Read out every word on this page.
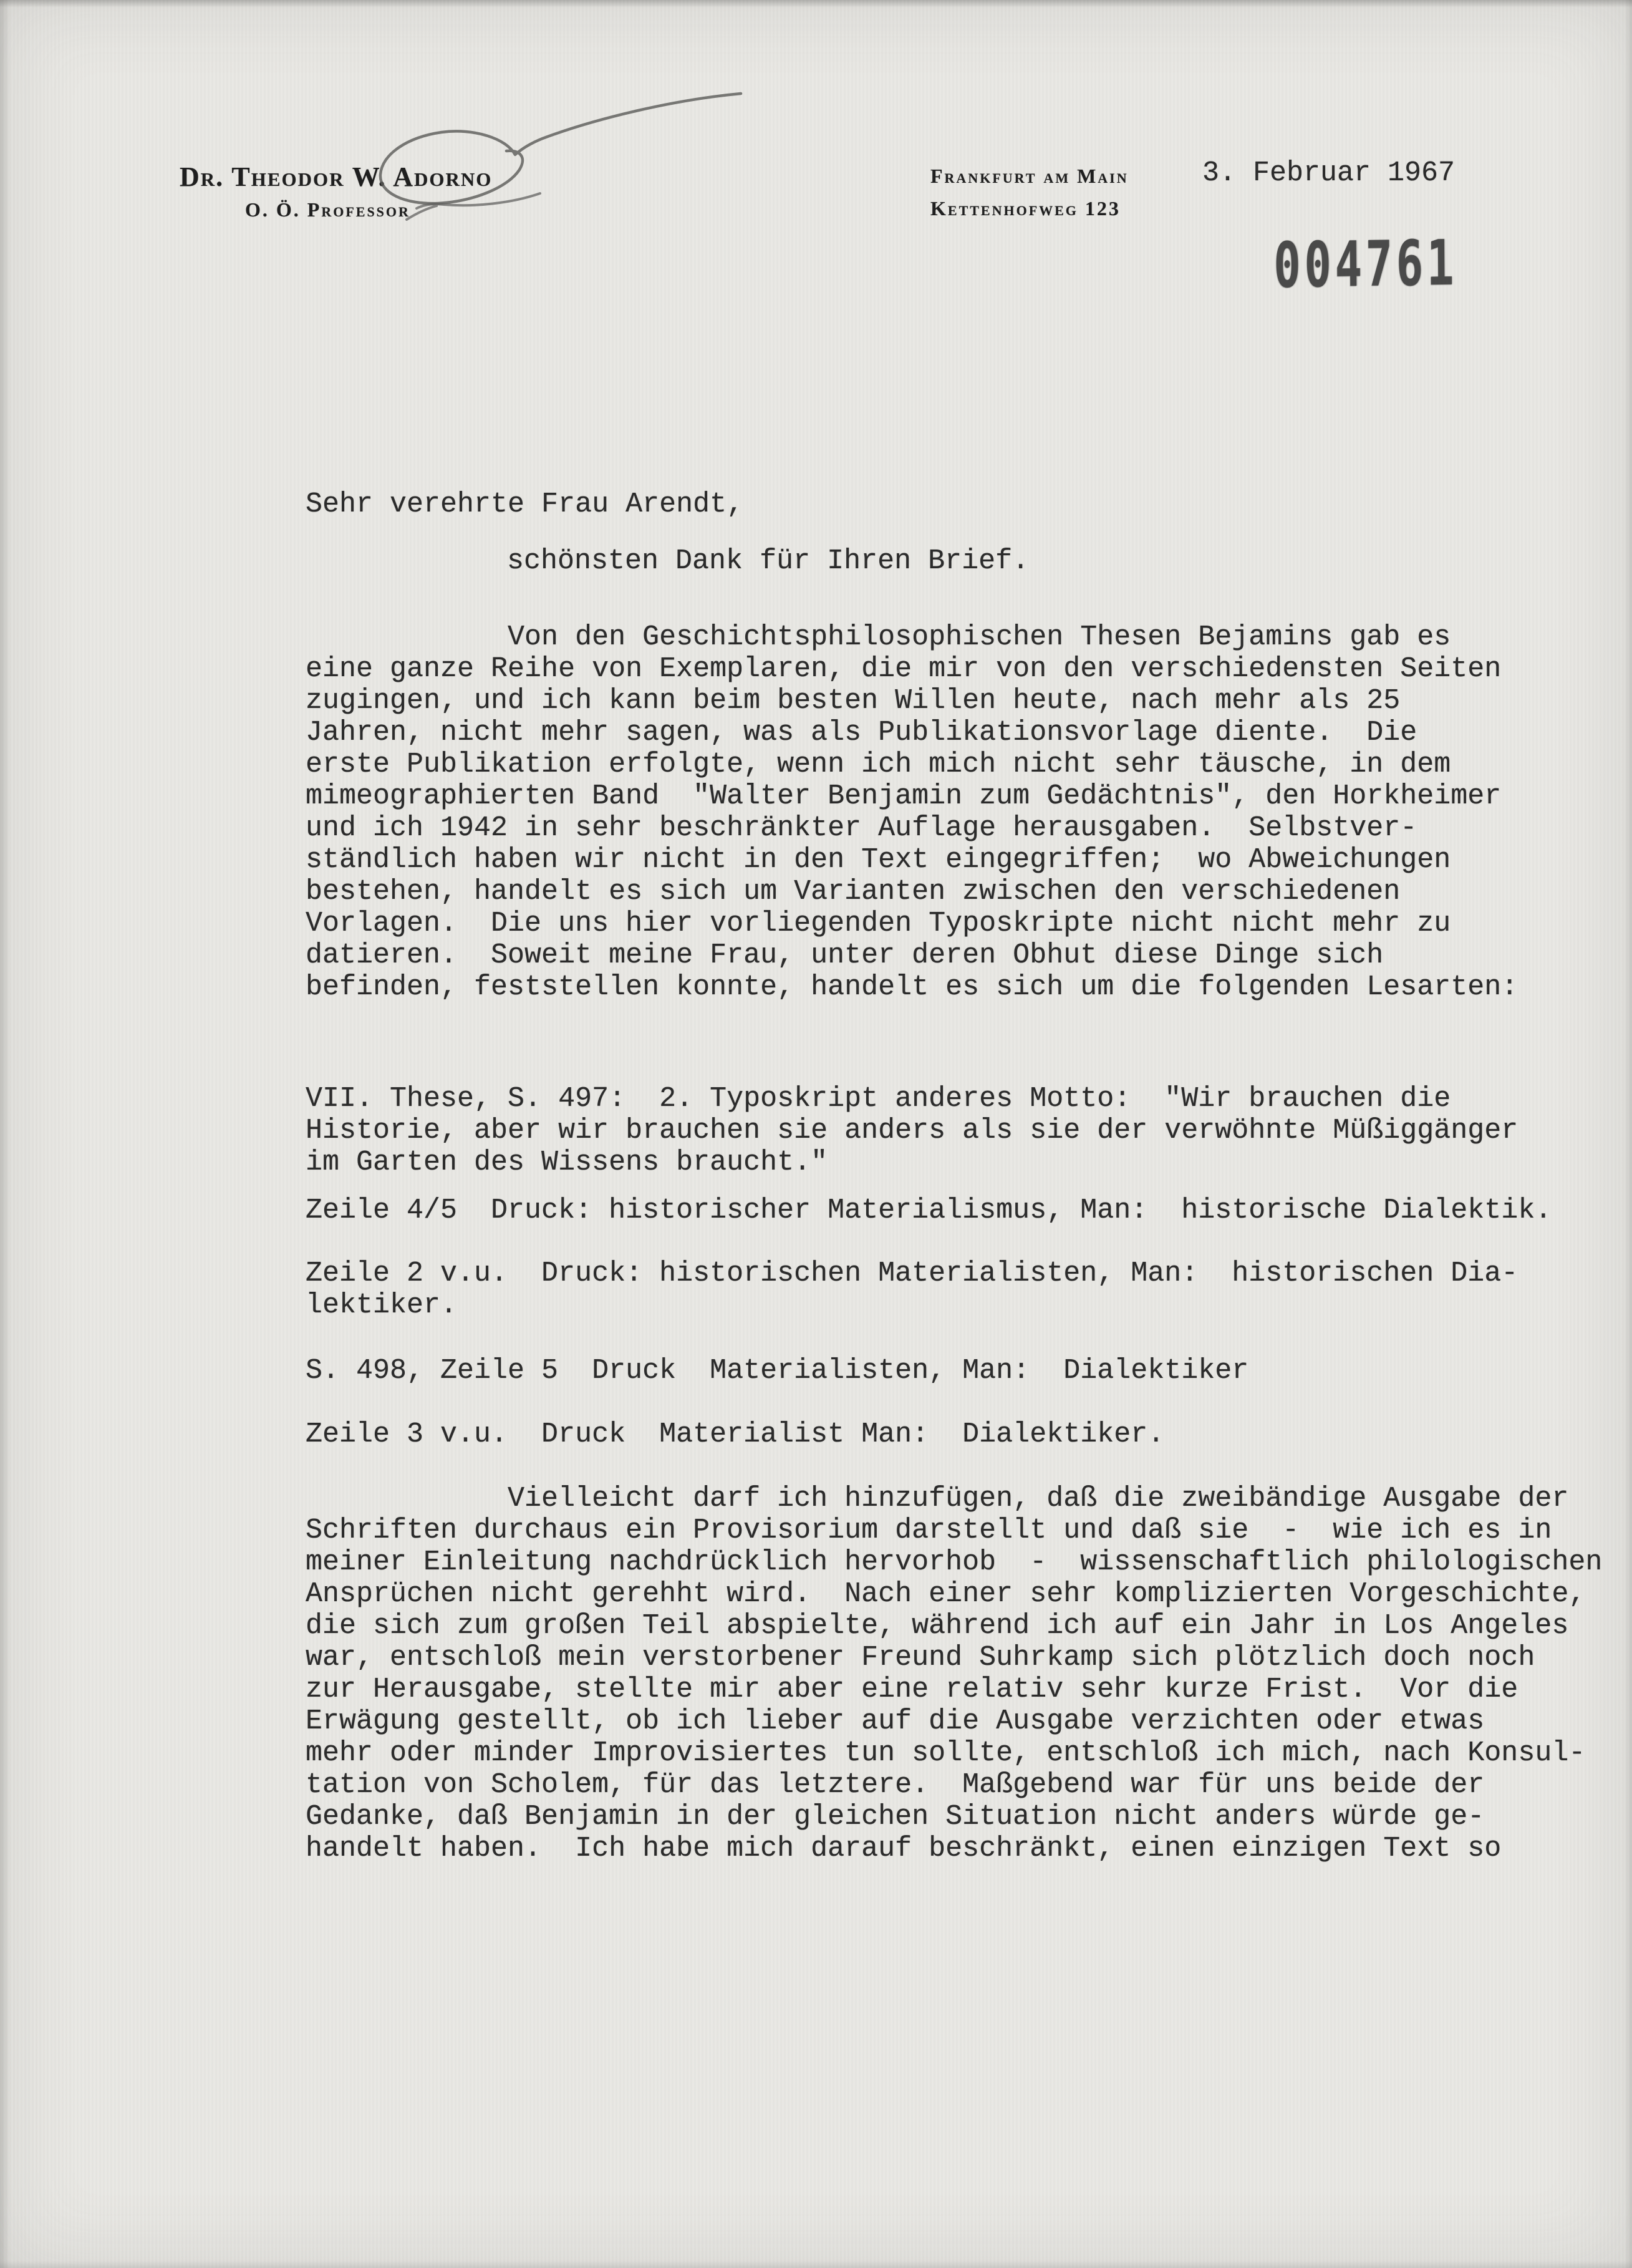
Dr. Theodor W. Adorno
O. Ö. Professor
Frankfurt am Main
Kettenhofweg 123
3. Februar 1967
004761
Sehr verehrte Frau Arendt,
schönsten Dank für Ihren Brief.
Von den Geschichtsphilosophischen Thesen Bejamins gab es
eine ganze Reihe von Exemplaren, die mir von den verschiedensten Seiten
zugingen, und ich kann beim besten Willen heute, nach mehr als 25
Jahren, nicht mehr sagen, was als Publikationsvorlage diente.  Die
erste Publikation erfolgte, wenn ich mich nicht sehr täusche, in dem
mimeographierten Band  "Walter Benjamin zum Gedächtnis", den Horkheimer
und ich 1942 in sehr beschränkter Auflage herausgaben.  Selbstver-
ständlich haben wir nicht in den Text eingegriffen;  wo Abweichungen
bestehen, handelt es sich um Varianten zwischen den verschiedenen
Vorlagen.  Die uns hier vorliegenden Typoskripte nicht nicht mehr zu
datieren.  Soweit meine Frau, unter deren Obhut diese Dinge sich
befinden, feststellen konnte, handelt es sich um die folgenden Lesarten:
VII. These, S. 497:  2. Typoskript anderes Motto:  "Wir brauchen die
Historie, aber wir brauchen sie anders als sie der verwöhnte Müßiggänger
im Garten des Wissens braucht."
Zeile 4/5  Druck: historischer Materialismus, Man:  historische Dialektik.
Zeile 2 v.u.  Druck: historischen Materialisten, Man:  historischen Dia-
lektiker.
S. 498, Zeile 5  Druck  Materialisten, Man:  Dialektiker
Zeile 3 v.u.  Druck  Materialist Man:  Dialektiker.
Vielleicht darf ich hinzufügen, daß die zweibändige Ausgabe der
Schriften durchaus ein Provisorium darstellt und daß sie  -  wie ich es in
meiner Einleitung nachdrücklich hervorhob  -  wissenschaftlich philologischen
Ansprüchen nicht gerehht wird.  Nach einer sehr komplizierten Vorgeschichte,
die sich zum großen Teil abspielte, während ich auf ein Jahr in Los Angeles
war, entschloß mein verstorbener Freund Suhrkamp sich plötzlich doch noch
zur Herausgabe, stellte mir aber eine relativ sehr kurze Frist.  Vor die
Erwägung gestellt, ob ich lieber auf die Ausgabe verzichten oder etwas
mehr oder minder Improvisiertes tun sollte, entschloß ich mich, nach Konsul-
tation von Scholem, für das letztere.  Maßgebend war für uns beide der
Gedanke, daß Benjamin in der gleichen Situation nicht anders würde ge-
handelt haben.  Ich habe mich darauf beschränkt, einen einzigen Text so
